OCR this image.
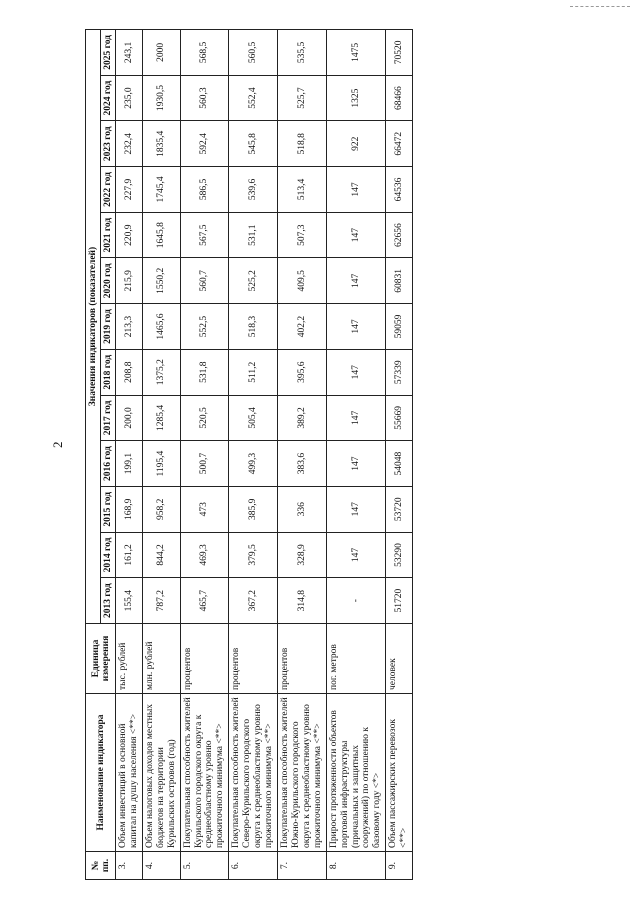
2
№ пп.	Наименование индикатора	Единица измерения	Значения индикаторов (показателей)												
			2013 год	2014 год	2015 год	2016 год	2017 год	2018 год	2019 год	2020 год	2021 год	2022 год	2023 год	2024 год	2025 год
3.	Объем инвестиций в основной капитал на душу населения <**>	тыс. рублей	155,4	161,2	168,9	199,1	200,0	208,8	213,3	215,9	220,9	227,9	232,4	235,0	243,1
4.	Объем налоговых доходов местных бюджетов на территории Курильских островов (год)	млн. рублей	787,2	844,2	958,2	1195,4	1285,4	1375,2	1465,6	1550,2	1645,8	1745,4	1835,4	1930,5	2000
5.	Покупательная способность жителей Курильского городского округа к среднеобластному уровню прожиточного минимума <**>	процентов	465,7	469,3	473	500,7	520,5	531,8	552,5	560,7	567,5	586,5	592,4	560,3	568,5
6.	Покупательная способность жителей Северо-Курильского городского округа к среднеобластному уровню прожиточного минимума <**>	процентов	367,2	379,5	385,9	499,3	505,4	511,2	518,3	525,2	531,1	539,6	545,8	552,4	560,5
7.	Покупательная способность жителей Южно-Курильского городского округа к среднеобластному уровню прожиточного минимума <**>	процентов	314,8	328,9	336	383,6	389,2	395,6	402,2	409,5	507,3	513,4	518,8	525,7	535,5
8.	Прирост протяженности объектов портовой инфраструктуры (причальных и защитных сооружений) по отношению к базовому году <*>	пог. метров	-	147	147	147	147	147	147	147	147	147	922	1325	1475
9.	Объем пассажирских перевозок <**>	человек	51720	53290	53720	54048	55669	57339	59059	60831	62656	64536	66472	68466	70520
